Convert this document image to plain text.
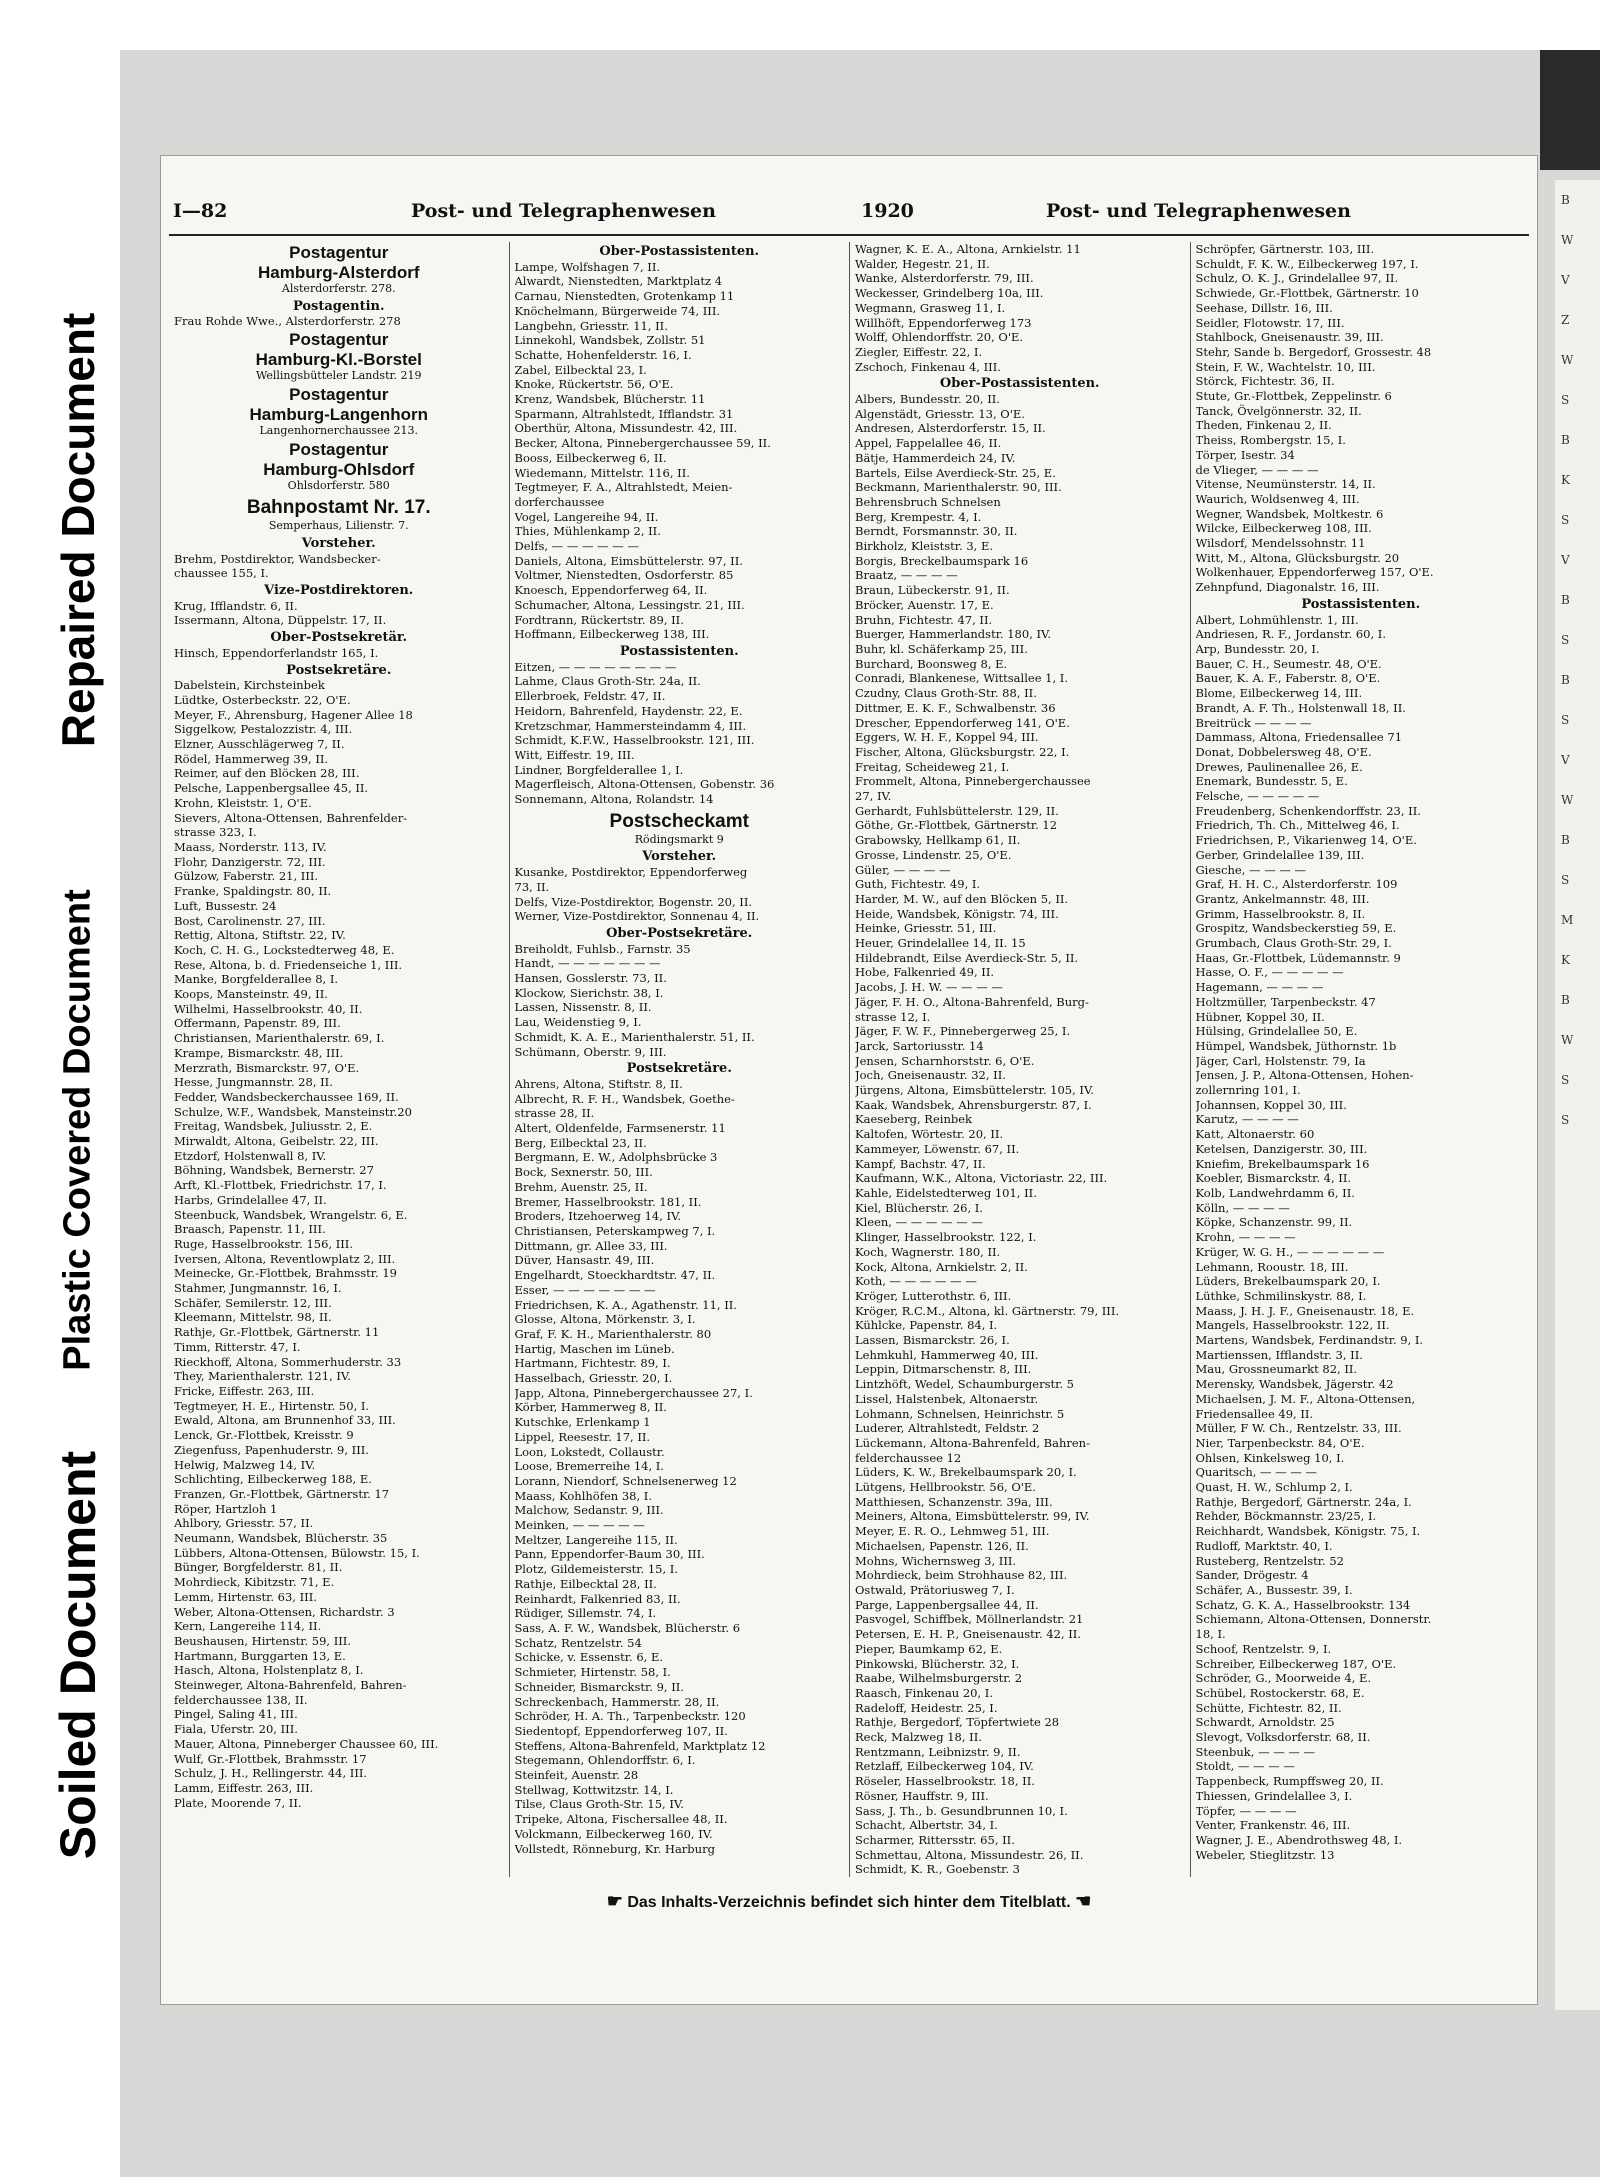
Repaired Document
Plastic Covered Document
Soiled Document
B
W
V
Z
W
S
B
K
S
V
B
S
B
S
V
W
B
S
M
K
B
W
S
S
I—82	Post- und Telegraphenwesen	1920	Post- und Telegraphenwesen
Postagentur
Hamburg-Alsterdorf
Alsterdorferstr. 278.
Postagentin.
Frau Rohde Wwe., Alsterdorferstr. 278
Postagentur
Hamburg-Kl.-Borstel
Wellingsbütteler Landstr. 219
Postagentur
Hamburg-Langenhorn
Langenhornerchaussee 213.
Postagentur
Hamburg-Ohlsdorf
Ohlsdorferstr. 580
Bahnpostamt Nr. 17.
Semperhaus, Lilienstr. 7.
Vorsteher.
Brehm, Postdirektor, Wandsbecker-
chaussee 155, I.
Vize-Postdirektoren.
Krug, Ifflandstr. 6, II.
Issermann, Altona, Düppelstr. 17, II.
Ober-Postsekretär.
Hinsch, Eppendorferlandstr 165, I.
Postsekretäre.
Dabelstein, Kirchsteinbek
Lüdtke, Osterbeckstr. 22, O'E.
Meyer, F., Ahrensburg, Hagener Allee 18
Siggelkow, Pestalozzistr. 4, III.
Elzner, Ausschlägerweg 7, II.
Rödel, Hammerweg 39, II.
Reimer, auf den Blöcken 28, III.
Pelsche, Lappenbergsallee 45, II.
Krohn, Kleiststr. 1, O'E.
Sievers, Altona-Ottensen, Bahrenfelder-
strasse 323, I.
Maass, Norderstr. 113, IV.
Flohr, Danzigerstr. 72, III.
Gülzow, Faberstr. 21, III.
Franke, Spaldingstr. 80, II.
Luft, Bussestr. 24
Bost, Carolinenstr. 27, III.
Rettig, Altona, Stiftstr. 22, IV.
Koch, C. H. G., Lockstedterweg 48, E.
Rese, Altona, b. d. Friedenseiche 1, III.
Manke, Borgfelderallee 8, I.
Koops, Mansteinstr. 49, II.
Wilhelmi, Hasselbrookstr. 40, II.
Offermann, Papenstr. 89, III.
Christiansen, Marienthalerstr. 69, I.
Krampe, Bismarckstr. 48, III.
Merzrath, Bismarckstr. 97, O'E.
Hesse, Jungmannstr. 28, II.
Fedder, Wandsbeckerchaussee 169, II.
Schulze, W.F., Wandsbek, Mansteinstr.20
Freitag, Wandsbek, Juliusstr. 2, E.
Mirwaldt, Altona, Geibelstr. 22, III.
Etzdorf, Holstenwall 8, IV.
Böhning, Wandsbek, Bernerstr. 27
Arft, Kl.-Flottbek, Friedrichstr. 17, I.
Harbs, Grindelallee 47, II.
Steenbuck, Wandsbek, Wrangelstr. 6, E.
Braasch, Papenstr. 11, III.
Ruge, Hasselbrookstr. 156, III.
Iversen, Altona, Reventlowplatz 2, III.
Meinecke, Gr.-Flottbek, Brahmsstr. 19
Stahmer, Jungmannstr. 16, I.
Schäfer, Semilerstr. 12, III.
Kleemann, Mittelstr. 98, II.
Rathje, Gr.-Flottbek, Gärtnerstr. 11
Timm, Ritterstr. 47, I.
Rieckhoff, Altona, Sommerhuderstr. 33
They, Marienthalerstr. 121, IV.
Fricke, Eiffestr. 263, III.
Tegtmeyer, H. E., Hirtenstr. 50, I.
Ewald, Altona, am Brunnenhof 33, III.
Lenck, Gr.-Flottbek, Kreisstr. 9
Ziegenfuss, Papenhuderstr. 9, III.
Helwig, Malzweg 14, IV.
Schlichting, Eilbeckerweg 188, E.
Franzen, Gr.-Flottbek, Gärtnerstr. 17
Röper, Hartzloh 1
Ahlbory, Griesstr. 57, II.
Neumann, Wandsbek, Blücherstr. 35
Lübbers, Altona-Ottensen, Bülowstr. 15, I.
Bünger, Borgfelderstr. 81, II.
Mohrdieck, Kibitzstr. 71, E.
Lemm, Hirtenstr. 63, III.
Weber, Altona-Ottensen, Richardstr. 3
Kern, Langereihe 114, II.
Beushausen, Hirtenstr. 59, III.
Hartmann, Burggarten 13, E.
Hasch, Altona, Holstenplatz 8, I.
Steinweger, Altona-Bahrenfeld, Bahren-
felderchaussee 138, II.
Pingel, Saling 41, III.
Fiala, Uferstr. 20, III.
Mauer, Altona, Pinneberger Chaussee 60, III.
Wulf, Gr.-Flottbek, Brahmsstr. 17
Schulz, J. H., Rellingerstr. 44, III.
Lamm, Eiffestr. 263, III.
Plate, Moorende 7, II.
Ober-Postassistenten.
Lampe, Wolfshagen 7, II.
Alwardt, Nienstedten, Marktplatz 4
Carnau, Nienstedten, Grotenkamp 11
Knöchelmann, Bürgerweide 74, III.
Langbehn, Griesstr. 11, II.
Linnekohl, Wandsbek, Zollstr. 51
Schatte, Hohenfelderstr. 16, I.
Zabel, Eilbecktal 23, I.
Knoke, Rückertstr. 56, O'E.
Krenz, Wandsbek, Blücherstr. 11
Sparmann, Altrahlstedt, Ifflandstr. 31
Oberthür, Altona, Missundestr. 42, III.
Becker, Altona, Pinnebergerchaussee 59, II.
Booss, Eilbeckerweg 6, II.
Wiedemann, Mittelstr. 116, II.
Tegtmeyer, F. A., Altrahlstedt, Meien-
dorferchaussee
Vogel, Langereihe 94, II.
Thies, Mühlenkamp 2, II.
Delfs, — — — — — —
Daniels, Altona, Eimsbüttelerstr. 97, II.
Voltmer, Nienstedten, Osdorferstr. 85
Knoesch, Eppendorferweg 64, II.
Schumacher, Altona, Lessingstr. 21, III.
Fordtrann, Rückertstr. 89, II.
Hoffmann, Eilbeckerweg 138, III.
Postassistenten.
Eitzen, — — — — — — — —
Lahme, Claus Groth-Str. 24a, II.
Ellerbroek, Feldstr. 47, II.
Heidorn, Bahrenfeld, Haydenstr. 22, E.
Kretzschmar, Hammersteindamm 4, III.
Schmidt, K.F.W., Hasselbrookstr. 121, III.
Witt, Eiffestr. 19, III.
Lindner, Borgfelderallee 1, I.
Magerfleisch, Altona-Ottensen, Gobenstr. 36
Sonnemann, Altona, Rolandstr. 14
Postscheckamt
Rödingsmarkt 9
Vorsteher.
Kusanke, Postdirektor, Eppendorferweg
73, II.
Delfs, Vize-Postdirektor, Bogenstr. 20, II.
Werner, Vize-Postdirektor, Sonnenau 4, II.
Ober-Postsekretäre.
Breiholdt, Fuhlsb., Farnstr. 35
Handt, — — — — — — —
Hansen, Gosslerstr. 73, II.
Klockow, Sierichstr. 38, I.
Lassen, Nissenstr. 8, II.
Lau, Weidenstieg 9, I.
Schmidt, K. A. E., Marienthalerstr. 51, II.
Schümann, Oberstr. 9, III.
Postsekretäre.
Ahrens, Altona, Stiftstr. 8, II.
Albrecht, R. F. H., Wandsbek, Goethe-
strasse 28, II.
Altert, Oldenfelde, Farmsenerstr. 11
Berg, Eilbecktal 23, II.
Bergmann, E. W., Adolphsbrücke 3
Bock, Sexnerstr. 50, III.
Brehm, Auenstr. 25, II.
Bremer, Hasselbrookstr. 181, II.
Broders, Itzehoerweg 14, IV.
Christiansen, Peterskampweg 7, I.
Dittmann, gr. Allee 33, III.
Düver, Hansastr. 49, III.
Engelhardt, Stoeckhardtstr. 47, II.
Esser, — — — — — — —
Friedrichsen, K. A., Agathenstr. 11, II.
Glosse, Altona, Mörkenstr. 3, I.
Graf, F. K. H., Marienthalerstr. 80
Hartig, Maschen im Lüneb.
Hartmann, Fichtestr. 89, I.
Hasselbach, Griesstr. 20, I.
Japp, Altona, Pinnebergerchaussee 27, I.
Körber, Hammerweg 8, II.
Kutschke, Erlenkamp 1
Lippel, Reesestr. 17, II.
Loon, Lokstedt, Collaustr.
Loose, Bremerreihe 14, I.
Lorann, Niendorf, Schnelsenerweg 12
Maass, Kohlhöfen 38, I.
Malchow, Sedanstr. 9, III.
Meinken, — — — — —
Meltzer, Langereihe 115, II.
Pann, Eppendorfer-Baum 30, III.
Plotz, Gildemeisterstr. 15, I.
Rathje, Eilbecktal 28, II.
Reinhardt, Falkenried 83, II.
Rüdiger, Sillemstr. 74, I.
Sass, A. F. W., Wandsbek, Blücherstr. 6
Schatz, Rentzelstr. 54
Schicke, v. Essenstr. 6, E.
Schmieter, Hirtenstr. 58, I.
Schneider, Bismarckstr. 9, II.
Schreckenbach, Hammerstr. 28, II.
Schröder, H. A. Th., Tarpenbeckstr. 120
Siedentopf, Eppendorferweg 107, II.
Steffens, Altona-Bahrenfeld, Marktplatz 12
Stegemann, Ohlendorffstr. 6, I.
Steinfeit, Auenstr. 28
Stellwag, Kottwitzstr. 14, I.
Tilse, Claus Groth-Str. 15, IV.
Tripeke, Altona, Fischersallee 48, II.
Volckmann, Eilbeckerweg 160, IV.
Vollstedt, Rönneburg, Kr. Harburg
Wagner, K. E. A., Altona, Arnkielstr. 11
Walder, Hegestr. 21, II.
Wanke, Alsterdorferstr. 79, III.
Weckesser, Grindelberg 10a, III.
Wegmann, Grasweg 11, I.
Willhöft, Eppendorferweg 173
Wolff, Ohlendorffstr. 20, O'E.
Ziegler, Eiffestr. 22, I.
Zschoch, Finkenau 4, III.
Ober-Postassistenten.
Albers, Bundesstr. 20, II.
Algenstädt, Griesstr. 13, O'E.
Andresen, Alsterdorferstr. 15, II.
Appel, Fappelallee 46, II.
Bätje, Hammerdeich 24, IV.
Bartels, Eilse Averdieck-Str. 25, E.
Beckmann, Marienthalerstr. 90, III.
Behrensbruch Schnelsen
Berg, Krempestr. 4, I.
Berndt, Forsmannstr. 30, II.
Birkholz, Kleiststr. 3, E.
Borgis, Breckelbaumspark 16
Braatz, — — — —
Braun, Lübeckerstr. 91, II.
Bröcker, Auenstr. 17, E.
Bruhn, Fichtestr. 47, II.
Buerger, Hammerlandstr. 180, IV.
Buhr, kl. Schäferkamp 25, III.
Burchard, Boonsweg 8, E.
Conradi, Blankenese, Wittsallee 1, I.
Czudny, Claus Groth-Str. 88, II.
Dittmer, E. K. F., Schwalbenstr. 36
Drescher, Eppendorferweg 141, O'E.
Eggers, W. H. F., Koppel 94, III.
Fischer, Altona, Glücksburgstr. 22, I.
Freitag, Scheideweg 21, I.
Frommelt, Altona, Pinnebergerchaussee
27, IV.
Gerhardt, Fuhlsbüttelerstr. 129, II.
Göthe, Gr.-Flottbek, Gärtnerstr. 12
Grabowsky, Hellkamp 61, II.
Grosse, Lindenstr. 25, O'E.
Güler, — — — —
Guth, Fichtestr. 49, I.
Harder, M. W., auf den Blöcken 5, II.
Heide, Wandsbek, Königstr. 74, III.
Heinke, Griesstr. 51, III.
Heuer, Grindelallee 14, II. 15
Hildebrandt, Eilse Averdieck-Str. 5, II.
Hobe, Falkenried 49, II.
Jacobs, J. H. W. — — — —
Jäger, F. H. O., Altona-Bahrenfeld, Burg-
strasse 12, I.
Jäger, F. W. F., Pinnebergerweg 25, I.
Jarck, Sartoriusstr. 14
Jensen, Scharnhorststr. 6, O'E.
Joch, Gneisenaustr. 32, II.
Jürgens, Altona, Eimsbüttelerstr. 105, IV.
Kaak, Wandsbek, Ahrensburgerstr. 87, I.
Kaeseberg, Reinbek
Kaltofen, Wörtestr. 20, II.
Kammeyer, Löwenstr. 67, II.
Kampf, Bachstr. 47, II.
Kaufmann, W.K., Altona, Victoriastr. 22, III.
Kahle, Eidelstedterweg 101, II.
Kiel, Blücherstr. 26, I.
Kleen, — — — — — —
Klinger, Hasselbrookstr. 122, I.
Koch, Wagnerstr. 180, II.
Kock, Altona, Arnkielstr. 2, II.
Koth, — — — — — —
Kröger, Lutterothstr. 6, III.
Kröger, R.C.M., Altona, kl. Gärtnerstr. 79, III.
Kühlcke, Papenstr. 84, I.
Lassen, Bismarckstr. 26, I.
Lehmkuhl, Hammerweg 40, III.
Leppin, Ditmarschenstr. 8, III.
Lintzhöft, Wedel, Schaumburgerstr. 5
Lissel, Halstenbek, Altonaerstr.
Lohmann, Schnelsen, Heinrichstr. 5
Luderer, Altrahlstedt, Feldstr. 2
Lückemann, Altona-Bahrenfeld, Bahren-
felderchaussee 12
Lüders, K. W., Brekelbaumspark 20, I.
Lütgens, Hellbrookstr. 56, O'E.
Matthiesen, Schanzenstr. 39a, III.
Meiners, Altona, Eimsbüttelerstr. 99, IV.
Meyer, E. R. O., Lehmweg 51, III.
Michaelsen, Papenstr. 126, II.
Mohns, Wichernsweg 3, III.
Mohrdieck, beim Strohhause 82, III.
Ostwald, Prätoriusweg 7, I.
Parge, Lappenbergsallee 44, II.
Pasvogel, Schiffbek, Möllnerlandstr. 21
Petersen, E. H. P., Gneisenaustr. 42, II.
Pieper, Baumkamp 62, E.
Pinkowski, Blücherstr. 32, I.
Raabe, Wilhelmsburgerstr. 2
Raasch, Finkenau 20, I.
Radeloff, Heidestr. 25, I.
Rathje, Bergedorf, Töpfertwiete 28
Reck, Malzweg 18, II.
Rentzmann, Leibnizstr. 9, II.
Retzlaff, Eilbeckerweg 104, IV.
Röseler, Hasselbrookstr. 18, II.
Rösner, Hauffstr. 9, III.
Sass, J. Th., b. Gesundbrunnen 10, I.
Schacht, Albertstr. 34, I.
Scharmer, Rittersstr. 65, II.
Schmettau, Altona, Missundestr. 26, II.
Schmidt, K. R., Goebenstr. 3
Schröpfer, Gärtnerstr. 103, III.
Schuldt, F. K. W., Eilbeckerweg 197, I.
Schulz, O. K. J., Grindelallee 97, II.
Schwiede, Gr.-Flottbek, Gärtnerstr. 10
Seehase, Dillstr. 16, III.
Seidler, Flotowstr. 17, III.
Stahlbock, Gneisenaustr. 39, III.
Stehr, Sande b. Bergedorf, Grossestr. 48
Stein, F. W., Wachtelstr. 10, III.
Störck, Fichtestr. 36, II.
Stute, Gr.-Flottbek, Zeppelinstr. 6
Tanck, Övelgönnerstr. 32, II.
Theden, Finkenau 2, II.
Theiss, Rombergstr. 15, I.
Törper, Isestr. 34
de Vlieger, — — — —
Vitense, Neumünsterstr. 14, II.
Waurich, Woldsenweg 4, III.
Wegner, Wandsbek, Moltkestr. 6
Wilcke, Eilbeckerweg 108, III.
Wilsdorf, Mendelssohnstr. 11
Witt, M., Altona, Glücksburgstr. 20
Wolkenhauer, Eppendorferweg 157, O'E.
Zehnpfund, Diagonalstr. 16, III.
Postassistenten.
Albert, Lohmühlenstr. 1, III.
Andriesen, R. F., Jordanstr. 60, I.
Arp, Bundesstr. 20, I.
Bauer, C. H., Seumestr. 48, O'E.
Bauer, K. A. F., Faberstr. 8, O'E.
Blome, Eilbeckerweg 14, III.
Brandt, A. F. Th., Holstenwall 18, II.
Breitrück — — — —
Dammass, Altona, Friedensallee 71
Donat, Dobbelersweg 48, O'E.
Drewes, Paulinenallee 26, E.
Enemark, Bundesstr. 5, E.
Felsche, — — — — —
Freudenberg, Schenkendorffstr. 23, II.
Friedrich, Th. Ch., Mittelweg 46, I.
Friedrichsen, P., Vikarienweg 14, O'E.
Gerber, Grindelallee 139, III.
Giesche, — — — —
Graf, H. H. C., Alsterdorferstr. 109
Grantz, Ankelmannstr. 48, III.
Grimm, Hasselbrookstr. 8, II.
Grospitz, Wandsbeckerstieg 59, E.
Grumbach, Claus Groth-Str. 29, I.
Haas, Gr.-Flottbek, Lüdemannstr. 9
Hasse, O. F., — — — — —
Hagemann, — — — —
Holtzmüller, Tarpenbeckstr. 47
Hübner, Koppel 30, II.
Hülsing, Grindelallee 50, E.
Hümpel, Wandsbek, Jüthornstr. 1b
Jäger, Carl, Holstenstr. 79, Ia
Jensen, J. P., Altona-Ottensen, Hohen-
zollernring 101, I.
Johannsen, Koppel 30, III.
Karutz, — — — —
Katt, Altonaerstr. 60
Ketelsen, Danzigerstr. 30, III.
Kniefim, Brekelbaumspark 16
Koebler, Bismarckstr. 4, II.
Kolb, Landwehrdamm 6, II.
Kölln, — — — —
Köpke, Schanzenstr. 99, II.
Krohn, — — — —
Krüger, W. G. H., — — — — — —
Lehmann, Rooustr. 18, III.
Lüders, Brekelbaumspark 20, I.
Lüthke, Schmilinskystr. 88, I.
Maass, J. H. J. F., Gneisenaustr. 18, E.
Mangels, Hasselbrookstr. 122, II.
Martens, Wandsbek, Ferdinandstr. 9, I.
Martienssen, Ifflandstr. 3, II.
Mau, Grossneumarkt 82, II.
Merensky, Wandsbek, Jägerstr. 42
Michaelsen, J. M. F., Altona-Ottensen,
Friedensallee 49, II.
Müller, F W. Ch., Rentzelstr. 33, III.
Nier, Tarpenbeckstr. 84, O'E.
Ohlsen, Kinkelsweg 10, I.
Quaritsch, — — — —
Quast, H. W., Schlump 2, I.
Rathje, Bergedorf, Gärtnerstr. 24a, I.
Rehder, Böckmannstr. 23/25, I.
Reichhardt, Wandsbek, Königstr. 75, I.
Rudloff, Marktstr. 40, I.
Rusteberg, Rentzelstr. 52
Sander, Drögestr. 4
Schäfer, A., Bussestr. 39, I.
Schatz, G. K. A., Hasselbrookstr. 134
Schiemann, Altona-Ottensen, Donnerstr.
18, I.
Schoof, Rentzelstr. 9, I.
Schreiber, Eilbeckerweg 187, O'E.
Schröder, G., Moorweide 4, E.
Schübel, Rostockerstr. 68, E.
Schütte, Fichtestr. 82, II.
Schwardt, Arnoldstr. 25
Slevogt, Volksdorferstr. 68, II.
Steenbuk, — — — —
Stoldt, — — — —
Tappenbeck, Rumpffsweg 20, II.
Thiessen, Grindelallee 3, I.
Töpfer, — — — —
Venter, Frankenstr. 46, III.
Wagner, J. E., Abendrothsweg 48, I.
Webeler, Stieglitzstr. 13
☛ Das Inhalts-Verzeichnis befindet sich hinter dem Titelblatt. ☚
